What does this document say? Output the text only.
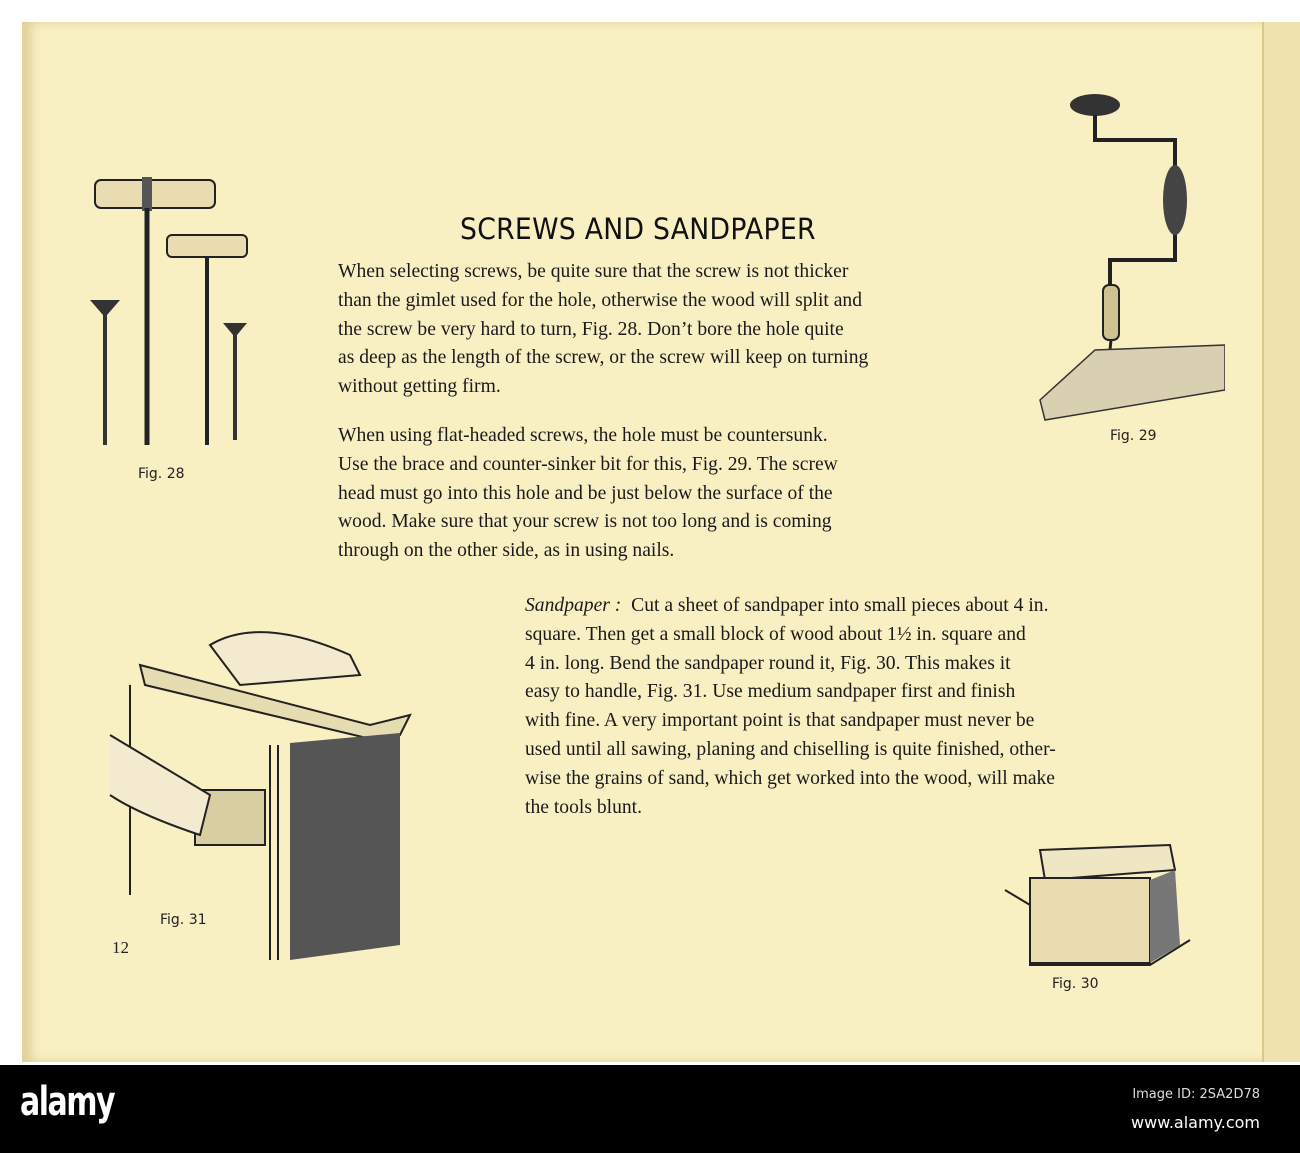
SCREWS AND SANDPAPER
When selecting screws, be quite sure that the screw is not thicker
than the gimlet used for the hole, otherwise the wood will split and
the screw be very hard to turn, Fig. 28. Don’t bore the hole quite
as deep as the length of the screw, or the screw will keep on turning
without getting firm.
When using flat-headed screws, the hole must be countersunk.
Use the brace and counter-sinker bit for this, Fig. 29. The screw
head must go into this hole and be just below the surface of the
wood. Make sure that your screw is not too long and is coming
through on the other side, as in using nails.
Sandpaper :  Cut a sheet of sandpaper into small pieces about 4 in.
square. Then get a small block of wood about 1½ in. square and
4 in. long. Bend the sandpaper round it, Fig. 30. This makes it
easy to handle, Fig. 31. Use medium sandpaper first and finish
with fine. A very important point is that sandpaper must never be
used until all sawing, planing and chiselling is quite finished, other-
wise the grains of sand, which get worked into the wood, will make
the tools blunt.
Fig. 28
Fig. 29
Fig. 31
12
Fig. 30
alamy	Image ID: 2SA2D78
www.alamy.com
